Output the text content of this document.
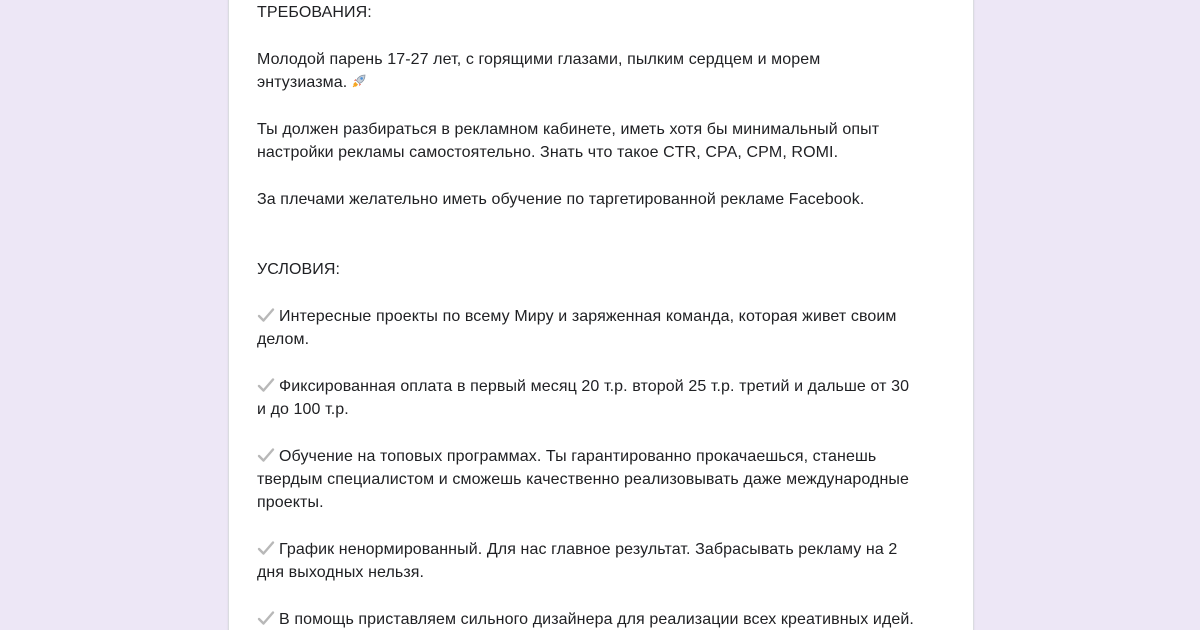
ТРЕБОВАНИЯ:
Молодой парень 17-27 лет, с горящими глазами, пылким сердцем и морем
энтузиазма.
Ты должен разбираться в рекламном кабинете, иметь хотя бы минимальный опыт
настройки рекламы самостоятельно. Знать что такое CTR, CPA, CPM, ROMI.
За плечами желательно иметь обучение по таргетированной рекламе Facebook.
УСЛОВИЯ:
Интересные проекты по всему Миру и заряженная команда, которая живет своим
делом.
Фиксированная оплата в первый месяц 20 т.р. второй 25 т.р. третий и дальше от 30
и до 100 т.р.
Обучение на топовых программах. Ты гарантированно прокачаешься, станешь
твердым специалистом и сможешь качественно реализовывать даже международные
проекты.
График ненормированный. Для нас главное результат. Забрасывать рекламу на 2
дня выходных нельзя.
В помощь приставляем сильного дизайнера для реализации всех креативных идей.
